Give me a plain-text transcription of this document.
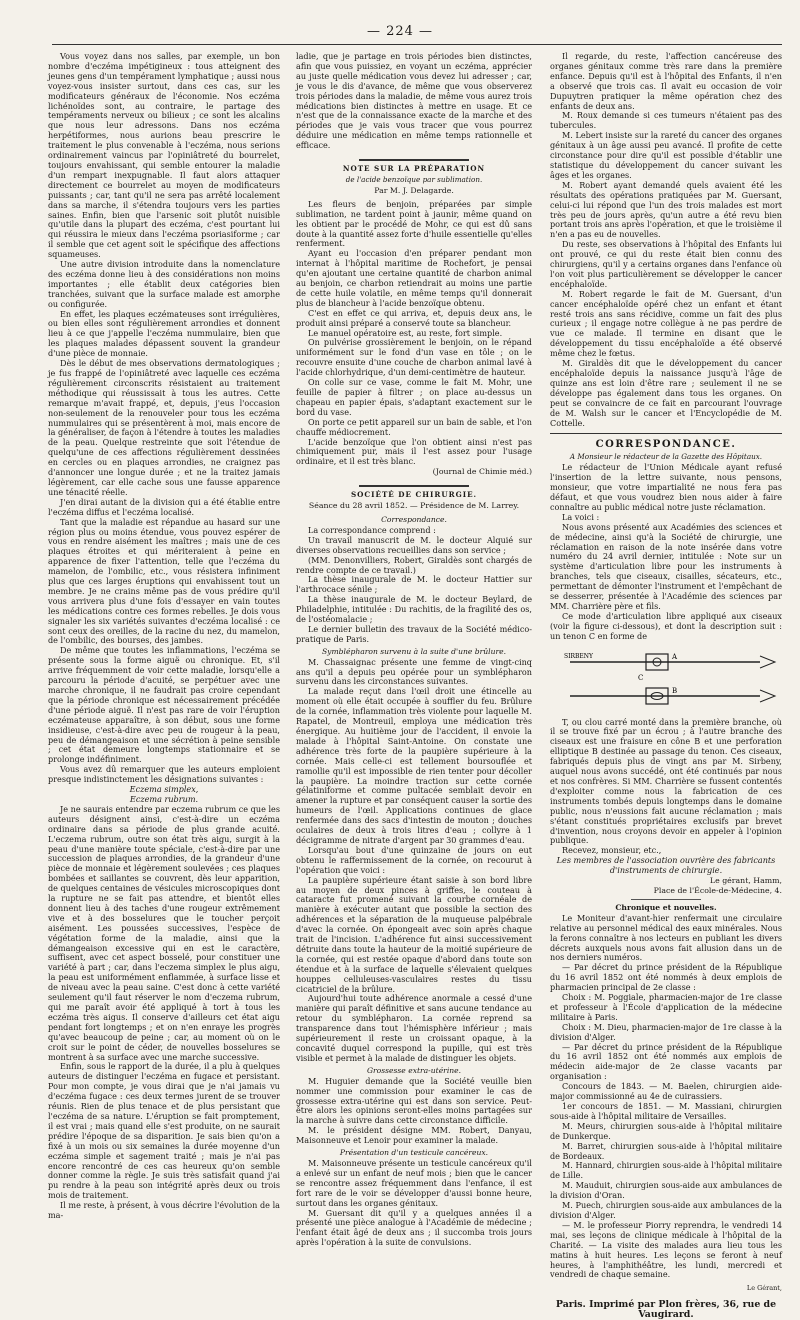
— 224 —

Vous voyez dans nos salles, par exemple, un bon nombre d'eczéma impétigineux : tous atteignent des jeunes gens d'un tempérament lymphatique ; aussi nous voyez-vous insister surtout, dans ces cas, sur les modificateurs généraux de l'économie. Nos eczéma lichénoïdes sont, au contraire, le partage des tempéraments nerveux ou bilieux ; ce sont les alcalins que nous leur adressons. Dans nos eczéma herpétiformes, nous aurions beau prescrire le traitement le plus convenable à l'eczéma, nous serions ordinairement vaincus par l'opiniâtreté du bourrelet, toujours envahissant, qui semble entourer la maladie d'un rempart inexpugnable. Il faut alors attaquer directement ce bourrelet au moyen de modificateurs puissants ; car, tant qu'il ne sera pas arrêté localement dans sa marche, il s'étendra toujours vers les parties saines. Enfin, bien que l'arsenic soit plutôt nuisible qu'utile dans la plupart des eczéma, c'est pourtant lui qui réussira le mieux dans l'eczéma psoriasiforme ; car il semble que cet agent soit le spécifique des affections squameuses.

Une autre division introduite dans la nomenclature des eczéma donne lieu à des considérations non moins importantes ; elle établit deux catégories bien tranchées, suivant que la surface malade est amorphe ou configurée.

En effet, les plaques eczémateuses sont irrégulières, ou bien elles sont régulièrement arrondies et donnent lieu à ce que j'appelle l'eczéma nummulaire, bien que les plaques malades dépassent souvent la grandeur d'une pièce de monnaie.

Dès le début de mes observations dermatologiques ; je fus frappé de l'opiniâtreté avec laquelle ces eczéma régulièrement circonscrits résistaient au traitement méthodique qui réussissait à tous les autres. Cette remarque m'avait frappé, et, depuis, j'eus l'occasion non-seulement de la renouveler pour tous les eczéma nummulaires qui se présentèrent à moi, mais encore de la généraliser, de façon à l'étendre à toutes les maladies de la peau. Quelque restreinte que soit l'étendue de quelqu'une de ces affections régulièrement dessinées en cercles ou en plaques arrondies, ne craignez pas d'annoncer une longue durée ; et ne la traitez jamais légèrement, car elle cache sous une fausse apparence une ténacité réelle.

J'en dirai autant de la division qui a été établie entre l'eczéma diffus et l'eczéma localisé.

Tant que la maladie est répandue au hasard sur une région plus ou moins étendue, vous pouvez espérer de vous en rendre aisément les maîtres ; mais une de ces plaques étroites et qui mériteraient à peine en apparence de fixer l'attention, telle que l'eczéma du mamelon, de l'ombilic, etc., vous résistera infiniment plus que ces larges éruptions qui envahissent tout un membre. Je ne crains même pas de vous prédire qu'il vous arrivera plus d'une fois d'essayer en vain toutes les médications contre ces formes rebelles. Je dois vous signaler les six variétés suivantes d'eczéma localisé : ce sont ceux des oreilles, de la racine du nez, du mamelon, de l'ombilic, des bourses, des jambes.

De même que toutes les inflammations, l'eczéma se présente sous la forme aiguë ou chronique. Et, s'il arrive fréquemment de voir cette maladie, lorsqu'elle a parcouru la période d'acuité, se perpétuer avec une marche chronique, il ne faudrait pas croire cependant que la période chronique est nécessairement précédée d'une période aiguë. Il n'est pas rare de voir l'éruption eczémateuse apparaître, à son début, sous une forme insidieuse, c'est-à-dire avec peu de rougeur à la peau, peu de démangeaison et une sécrétion à peine sensible ; cet état demeure longtemps stationnaire et se prolonge indéfiniment.

Vous avez dû remarquer que les auteurs emploient presque indistinctement les désignations suivantes :

Eczema simplex,

Eczema rubrum.

Je ne saurais entendre par eczema rubrum ce que les auteurs désignent ainsi, c'est-à-dire un eczéma ordinaire dans sa période de plus grande acuité. L'eczema rubrum, outre son état très aigu, surgit à la peau d'une manière toute spéciale, c'est-à-dire par une succession de plaques arrondies, de la grandeur d'une pièce de monnaie et légèrement soulevées ; ces plaques bombées et saillantes se couvrent, dès leur apparition, de quelques centaines de vésicules microscopiques dont la rupture ne se fait pas attendre, et bientôt elles donnent lieu à des taches d'une rougeur extrêmement vive et à des bosselures que le toucher perçoit aisément. Les poussées successives, l'espèce de végétation forme de la maladie, ainsi que la démangeaison excessive qui en est le caractère, suffisent, avec cet aspect bosselé, pour constituer une variété à part ; car, dans l'eczema simplex le plus aigu, la peau est uniformément enflammée, à surface lisse et de niveau avec la peau saine. C'est donc à cette variété seulement qu'il faut réserver le nom d'eczema rubrum, qui me paraît avoir été appliqué à tort à tous les eczéma très aigus. Il conserve d'ailleurs cet état aigu pendant fort longtemps ; et on n'en enraye les progrès qu'avec beaucoup de peine ; car, au moment où on le croit sur le point de céder, de nouvelles bosselures se montrent à sa surface avec une marche successive.

Enfin, sous le rapport de la durée, il a plu à quelques auteurs de distinguer l'eczéma en fugace et persistant. Pour mon compte, je vous dirai que je n'ai jamais vu d'eczéma fugace : ces deux termes jurent de se trouver réunis. Rien de plus tenace et de plus persistant que l'eczéma de sa nature. L'éruption se fait promptement, il est vrai ; mais quand elle s'est produite, on ne saurait prédire l'époque de sa disparition. Je sais bien qu'on a fixé à un mois ou six semaines la durée moyenne d'un eczéma simple et sagement traité ; mais je n'ai pas encore rencontré de ces cas heureux qu'on semble donner comme la règle. Je suis très satisfait quand j'ai pu rendre à la peau son intégrité après deux ou trois mois de traitement.

Il me reste, à présent, à vous décrire l'évolution de la ma-

ladie, que je partage en trois périodes bien distinctes, afin que vous puissiez, en voyant un eczéma, apprécier au juste quelle médication vous devez lui adresser ; car, je vous le dis d'avance, de même que vous observerez trois périodes dans la maladie, de même vous aurez trois médications bien distinctes à mettre en usage. Et ce n'est que de la connaissance exacte de la marche et des périodes que je vais vous tracer que vous pourrez déduire une médication en même temps rationnelle et efficace.

NOTE SUR LA PRÉPARATION
de l'acide benzoïque par sublimation.
Par M. J. Delagarde.

Les fleurs de benjoin, préparées par simple sublimation, ne tardent point à jaunir, même quand on les obtient par le procédé de Mohr, ce qui est dû sans doute à la quantité assez forte d'huile essentielle qu'elles renferment.

Ayant eu l'occasion d'en préparer pendant mon internat à l'hôpital maritime de Rochefort, je pensai qu'en ajoutant une certaine quantité de charbon animal au benjoin, ce charbon retiendrait au moins une partie de cette huile volatile, en même temps qu'il donnerait plus de blancheur à l'acide benzoïque obtenu.

C'est en effet ce qui arriva, et, depuis deux ans, le produit ainsi préparé a conservé toute sa blancheur.

Le manuel opératoire est, au reste, fort simple.

On pulvérise grossièrement le benjoin, on le répand uniformément sur le fond d'un vase en tôle ; on le recouvre ensuite d'une couche de charbon animal lavé à l'acide chlorhydrique, d'un demi-centimètre de hauteur.

On colle sur ce vase, comme le fait M. Mohr, une feuille de papier à filtrer ; on place au-dessus un chapeau en papier épais, s'adaptant exactement sur le bord du vase.

On porte ce petit appareil sur un bain de sable, et l'on chauffe médiocrement.

L'acide benzoïque que l'on obtient ainsi n'est pas chimiquement pur, mais il l'est assez pour l'usage ordinaire, et il est très blanc.

(Journal de Chimie méd.)
SOCIÉTÉ DE CHIRURGIE.
Séance du 28 avril 1852. — Présidence de M. Larrey.
Correspondance.

La correspondance comprend :

Un travail manuscrit de M. le docteur Alquié sur diverses observations recueillies dans son service ;

(MM. Denonvilliers, Robert, Giraldès sont chargés de rendre compte de ce travail.)

La thèse inaugurale de M. le docteur Hattier sur l'arthrocace sénile ;

La thèse inaugurale de M. le docteur Beylard, de Philadelphie, intitulée : Du rachitis, de la fragilité des os, de l'ostéomalacie ;

Le dernier bulletin des travaux de la Société médico-pratique de Paris.

Symblépharon survenu à la suite d'une brûlure.

M. Chassaignac présente une femme de vingt-cinq ans qu'il a depuis peu opérée pour un symblépharon survenu dans les circonstances suivantes.

La malade reçut dans l'œil droit une étincelle au moment où elle était occupée à souffler du feu. Brûlure de la cornée, inflammation très violente pour laquelle M. Rapatel, de Montreuil, employa une médication très énergique. Au huitième jour de l'accident, il envoie la malade à l'hôpital Saint-Antoine. On constate une adhérence très forte de la paupière supérieure à la cornée. Mais celle-ci est tellement boursouflée et ramollie qu'il est impossible de rien tenter pour décoller la paupière. La moindre traction sur cette cornée gélatiniforme et comme pultacée semblait devoir en amener la rupture et par conséquent causer la sortie des humeurs de l'œil. Applications continues de glace renfermée dans des sacs d'intestin de mouton ; douches oculaires de deux à trois litres d'eau ; collyre à 1 décigramme de nitrate d'argent par 30 grammes d'eau.

Lorsqu'au bout d'une quinzaine de jours on eut obtenu le raffermissement de la cornée, on recourut à l'opération que voici :

La paupière supérieure étant saisie à son bord libre au moyen de deux pinces à griffes, le couteau à cataracte fut promené suivant la courbe cornéale de manière à exécuter autant que possible la section des adhérences et la séparation de la muqueuse palpébrale d'avec la cornée. On épongeait avec soin après chaque trait de l'incision. L'adhérence fut ainsi successivement détruite dans toute la hauteur de la moitié supérieure de la cornée, qui est restée opaque d'abord dans toute son étendue et à la surface de laquelle s'élevaient quelques houppes celluleuses-vasculaires restes du tissu cicatriciel de la brûlure.

Aujourd'hui toute adhérence anormale a cessé d'une manière qui paraît définitive et sans aucune tendance au retour du symblépharon. La cornée reprend sa transparence dans tout l'hémisphère inférieur ; mais supérieurement il reste un croissant opaque, à la concavité duquel correspond la pupille, qui est très visible et permet à la malade de distinguer les objets.

Grossesse extra-utérine.

M. Huguier demande que la Société veuille bien nommer une commission pour examiner le cas de grossesse extra-utérine qui est dans son service. Peut-être alors les opinions seront-elles moins partagées sur la marche à suivre dans cette circonstance difficile.

M. le président désigne MM. Robert, Danyau, Maisonneuve et Lenoir pour examiner la malade.

Présentation d'un testicule cancéreux.

M. Maisonneuve présente un testicule cancéreux qu'il a enlevé sur un enfant de neuf mois ; bien que le cancer se rencontre assez fréquemment dans l'enfance, il est fort rare de le voir se développer d'aussi bonne heure, surtout dans les organes génitaux.

M. Guersant dit qu'il y a quelques années il a présenté une pièce analogue à l'Académie de médecine ; l'enfant était âgé de deux ans ; il succomba trois jours après l'opération à la suite de convulsions.

Il regarde, du reste, l'affection cancéreuse des organes génitaux comme très rare dans la première enfance. Depuis qu'il est à l'hôpital des Enfants, il n'en a observé que trois cas. Il avait eu occasion de voir Dupuytren pratiquer la même opération chez des enfants de deux ans.

M. Roux demande si ces tumeurs n'étaient pas des tubercules.

M. Lebert insiste sur la rareté du cancer des organes génitaux à un âge aussi peu avancé. Il profite de cette circonstance pour dire qu'il est possible d'établir une statistique du développement du cancer suivant les âges et les organes.

M. Robert ayant demandé quels avaient été les résultats des opérations pratiquées par M. Guersant, celui-ci lui répond que l'un des trois malades est mort très peu de jours après, qu'un autre a été revu bien portant trois ans après l'opération, et que le troisième il n'en a pas eu de nouvelles.

Du reste, ses observations à l'hôpital des Enfants lui ont prouvé, ce qui du reste était bien connu des chirurgiens, qu'il y a certains organes dans l'enfance où l'on voit plus particulièrement se développer le cancer encéphaloïde.

M. Robert regarde le fait de M. Guersant, d'un cancer encéphaloïde opéré chez un enfant et étant resté trois ans sans récidive, comme un fait des plus curieux ; il engage notre collègue à ne pas perdre de vue ce malade. Il termine en disant que le développement du tissu encéphaloïde a été observé même chez le fœtus.

M. Giraldès dit que le développement du cancer encéphaloïde depuis la naissance jusqu'à l'âge de quinze ans est loin d'être rare ; seulement il ne se développe pas également dans tous les organes. On peut se convaincre de ce fait en parcourant l'ouvrage de M. Walsh sur le cancer et l'Encyclopédie de M. Cottelle.

CORRESPONDANCE.
A Monsieur le rédacteur de la Gazette des Hôpitaux.

Le rédacteur de l'Union Médicale ayant refusé l'insertion de la lettre suivante, nous pensons, monsieur, que votre impartialité ne nous fera pas défaut, et que vous voudrez bien nous aider à faire connaître au public médical notre juste réclamation.

La voici :

Nous avons présenté aux Académies des sciences et de médecine, ainsi qu'à la Société de chirurgie, une réclamation en raison de la note insérée dans votre numéro du 24 avril dernier, intitulée : Note sur un système d'articulation libre pour les instruments à branches, tels que ciseaux, cisailles, sécateurs, etc., permettant de démonter l'instrument et l'empêchant de se desserrer, présentée à l'Académie des sciences par MM. Charrière père et fils.

Ce mode d'articulation libre appliqué aux ciseaux (voir la figure ci-dessous), et dont la description suit : un tenon C en forme de

SIRBENY	A
B
C

T, ou clou carré monté dans la première branche, où il se trouve fixé par un écrou ; à l'autre branche des ciseaux est une fraisure en cône B et une perforation elliptique B destinée au passage du tenon. Ces ciseaux, fabriqués depuis plus de vingt ans par M. Sirbeny, auquel nous avons succédé, ont été continués par nous et nos confrères. Si MM. Charrière se fussent contentés d'exploiter comme nous la fabrication de ces instruments tombés depuis longtemps dans le domaine public, nous n'eussions fait aucune réclamation ; mais s'étant constitués propriétaires exclusifs par brevet d'invention, nous croyons devoir en appeler à l'opinion publique.

Recevez, monsieur, etc.,

Les membres de l'association ouvrière des fabricants d'instruments de chirurgie.

Le gérant, Hamm,
Place de l'École-de-Médecine, 4.
Chronique et nouvelles.

Le Moniteur d'avant-hier renfermait une circulaire relative au personnel médical des eaux minérales. Nous la ferons connaître à nos lecteurs en publiant les divers décrets auxquels nous avons fait allusion dans un de nos derniers numéros.

— Par décret du prince président de la République du 16 avril 1852 ont été nommés à deux emplois de pharmacien principal de 2e classe :

Choix : M. Poggiale, pharmacien-major de 1re classe et professeur à l'École d'application de la médecine militaire à Paris.

Choix : M. Dieu, pharmacien-major de 1re classe à la division d'Alger.

— Par décret du prince président de la République du 16 avril 1852 ont été nommés aux emplois de médecin aide-major de 2e classe vacants par organisation :

Concours de 1843. — M. Baelen, chirurgien aide-major commissionné au 4e de cuirassiers.

1er concours de 1851. — M. Massiani, chirurgien sous-aide à l'hôpital militaire de Versailles.

M. Meurs, chirurgien sous-aide à l'hôpital militaire de Dunkerque.

M. Barret, chirurgien sous-aide à l'hôpital militaire de Bordeaux.

M. Hannard, chirurgien sous-aide à l'hôpital militaire de Lille.

M. Mauduit, chirurgien sous-aide aux ambulances de la division d'Oran.

M. Puech, chirurgien sous-aide aux ambulances de la division d'Alger.

— M. le professeur Piorry reprendra, le vendredi 14 mai, ses leçons de clinique médicale à l'hôpital de la Charité. — La visite des malades aura lieu tous les matins à huit heures. Les leçons se feront à neuf heures, à l'amphithéâtre, les lundi, mercredi et vendredi de chaque semaine.

Le Gérant,
Paris. Imprimé par Plon frères, 36, rue de Vaugirard.
